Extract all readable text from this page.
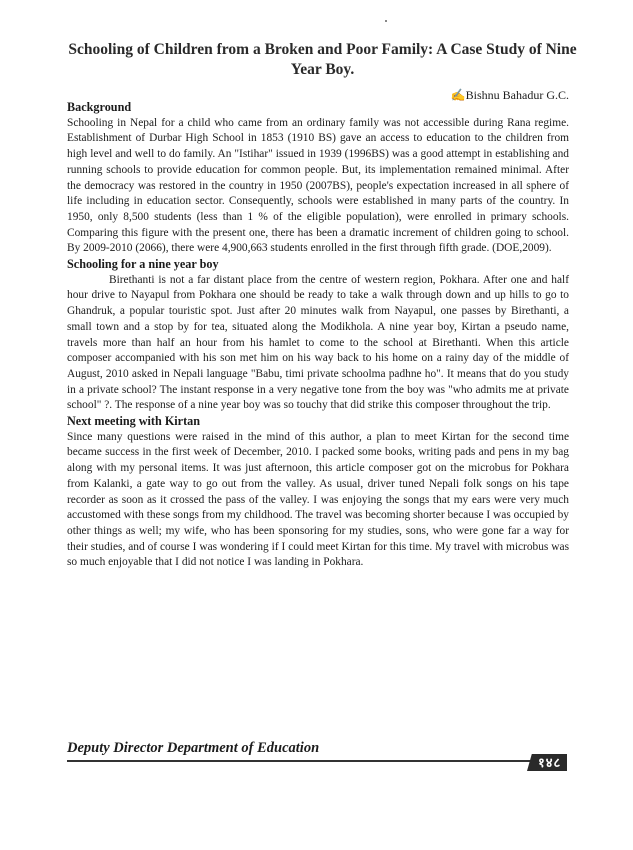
Schooling of Children from a Broken and Poor Family: A Case Study of Nine Year Boy.
✍Bishnu Bahadur G.C.

Background

Schooling in Nepal for a child who came from an ordinary family was not accessible during Rana regime. Establishment of Durbar High School in 1853 (1910 BS) gave an access to education to the children from high level and well to do family. An "Istihar" issued in 1939 (1996BS) was a good attempt in establishing and running schools to provide education for common people. But, its implementation remained minimal. After the democracy was restored in the country in 1950 (2007BS), people's expectation increased in all sphere of life including in education sector. Consequently, schools were established in many parts of the country. In 1950, only 8,500 students (less than 1 % of the eligible population), were enrolled in primary schools. Comparing this figure with the present one, there has been a dramatic increment of children going to school. By 2009-2010 (2066), there were 4,900,663 students enrolled in the first through fifth grade. (DOE,2009).

Schooling for a nine year boy

Birethanti is not a far distant place from the centre of western region, Pokhara. After one and half hour drive to Nayapul from Pokhara one should be ready to take a walk through down and up hills to go to Ghandruk, a popular touristic spot. Just after 20 minutes walk from Nayapul, one passes by Birethanti, a small town and a stop by for tea, situated along the Modikhola. A nine year boy, Kirtan a pseudo name, travels more than half an hour from his hamlet to come to the school at Birethanti. When this article composer accompanied with his son met him on his way back to his home on a rainy day of the middle of August, 2010 asked in Nepali language "Babu, timi private schoolma padhne ho". It means that do you study in a private school? The instant response in a very negative tone from the boy was "who admits me at private school" ?. The response of a nine year boy was so touchy that did strike this composer throughout the trip.

Next meeting with Kirtan

Since many questions were raised in the mind of this author, a plan to meet Kirtan for the second time became success in the first week of December, 2010. I packed some books, writing pads and pens in my bag along with my personal items. It was just afternoon, this article composer got on the microbus for Pokhara from Kalanki, a gate way to go out from the valley. As usual, driver tuned Nepali folk songs on his tape recorder as soon as it crossed the pass of the valley. I was enjoying the songs that my ears were very much accustomed with these songs from my childhood. The travel was becoming shorter because I was occupied by other things as well; my wife, who has been sponsoring for my studies, sons, who were gone far a way for their studies, and of course I was wondering if I could meet Kirtan for this time. My travel with microbus was so much enjoyable that I did not notice I was landing in Pokhara.

Deputy Director Department of Education
१४८
